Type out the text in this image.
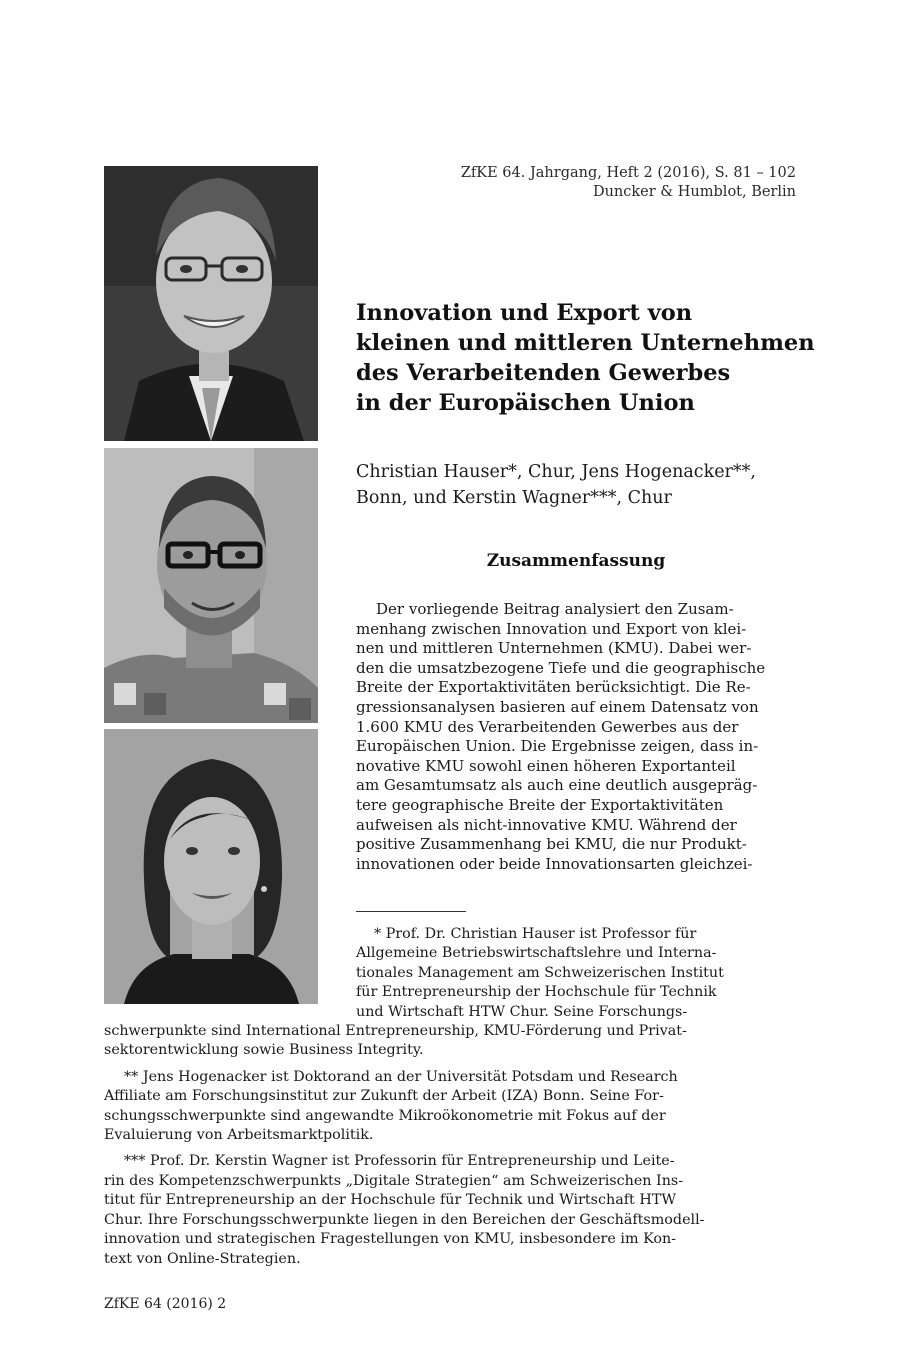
ZfKE 64. Jahrgang, Heft 2 (2016), S. 81 – 102
Duncker & Humblot, Berlin
Innovation und Export von
kleinen und mittleren Unternehmen
des Verarbeitenden Gewerbes
in der Europäischen Union
Christian Hauser*, Chur, Jens Hogenacker**,
Bonn, und Kerstin Wagner***, Chur
Zusammenfassung
Der vorliegende Beitrag analysiert den Zusam-
menhang zwischen Innovation und Export von klei-
nen und mittleren Unternehmen (KMU). Dabei wer-
den die umsatzbezogene Tiefe und die geographische
Breite der Exportaktivitäten berücksichtigt. Die Re-
gressionsanalysen basieren auf einem Datensatz von
1.600 KMU des Verarbeitenden Gewerbes aus der
Europäischen Union. Die Ergebnisse zeigen, dass in-
novative KMU sowohl einen höheren Exportanteil
am Gesamtumsatz als auch eine deutlich ausgepräg-
tere geographische Breite der Exportaktivitäten
aufweisen als nicht-innovative KMU. Während der
positive Zusammenhang bei KMU, die nur Produkt-
innovationen oder beide Innovationsarten gleichzei-
* Prof. Dr. Christian Hauser ist Professor für
Allgemeine Betriebswirtschaftslehre und Interna-
tionales Management am Schweizerischen Institut
für Entrepreneurship der Hochschule für Technik
und Wirtschaft HTW Chur. Seine Forschungs-
schwerpunkte sind International Entrepreneurship, KMU-Förderung und Privat-
sektorentwicklung sowie Business Integrity.
** Jens Hogenacker ist Doktorand an der Universität Potsdam und Research
Affiliate am Forschungsinstitut zur Zukunft der Arbeit (IZA) Bonn. Seine For-
schungsschwerpunkte sind angewandte Mikroökonometrie mit Fokus auf der
Evaluierung von Arbeitsmarktpolitik.
*** Prof. Dr. Kerstin Wagner ist Professorin für Entrepreneurship und Leite-
rin des Kompetenzschwerpunkts „Digitale Strategien“ am Schweizerischen Ins-
titut für Entrepreneurship an der Hochschule für Technik und Wirtschaft HTW
Chur. Ihre Forschungsschwerpunkte liegen in den Bereichen der Geschäftsmodell-
innovation und strategischen Fragestellungen von KMU, insbesondere im Kon-
text von Online-Strategien.
ZfKE 64 (2016) 2
